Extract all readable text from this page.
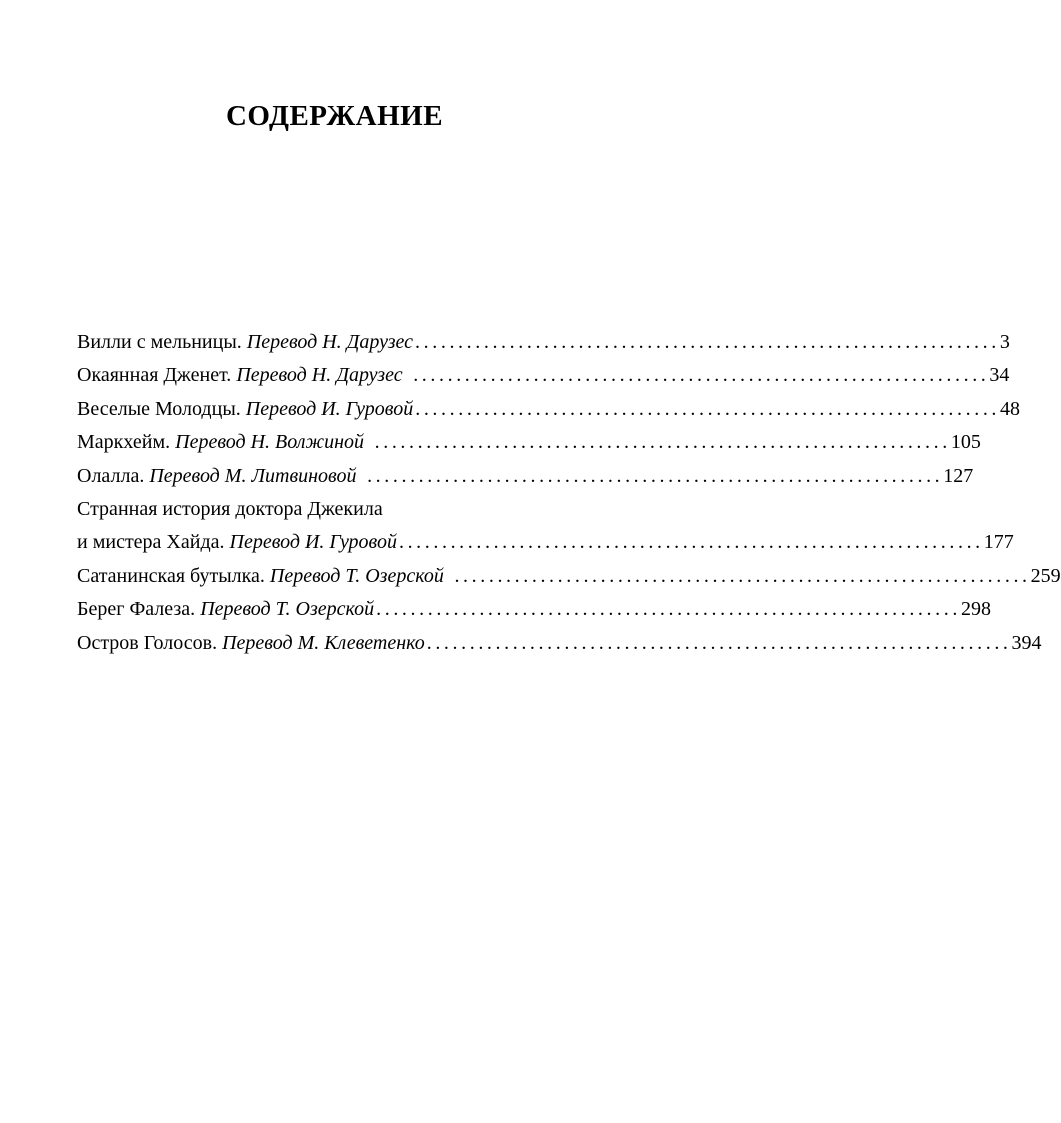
СОДЕРЖАНИЕ
Вилли с мельницы. Перевод Н. Дарузес .................................................................... 3
Окаянная Дженет. Перевод Н. Дарузес ................................................................... 34
Веселые Молодцы. Перевод И. Гуровой .................................................................... 48
Маркхейм. Перевод Н. Волжиной ................................................................... 105
Олалла. Перевод М. Литвиновой ................................................................... 127
Странная история доктора Джекила
и мистера Хайда. Перевод И. Гуровой .................................................................... 177
Сатанинская бутылка. Перевод Т. Озерской ................................................................... 259
Берег Фалеза. Перевод Т. Озерской .................................................................... 298
Остров Голосов. Перевод М. Клеветенко .................................................................... 394
